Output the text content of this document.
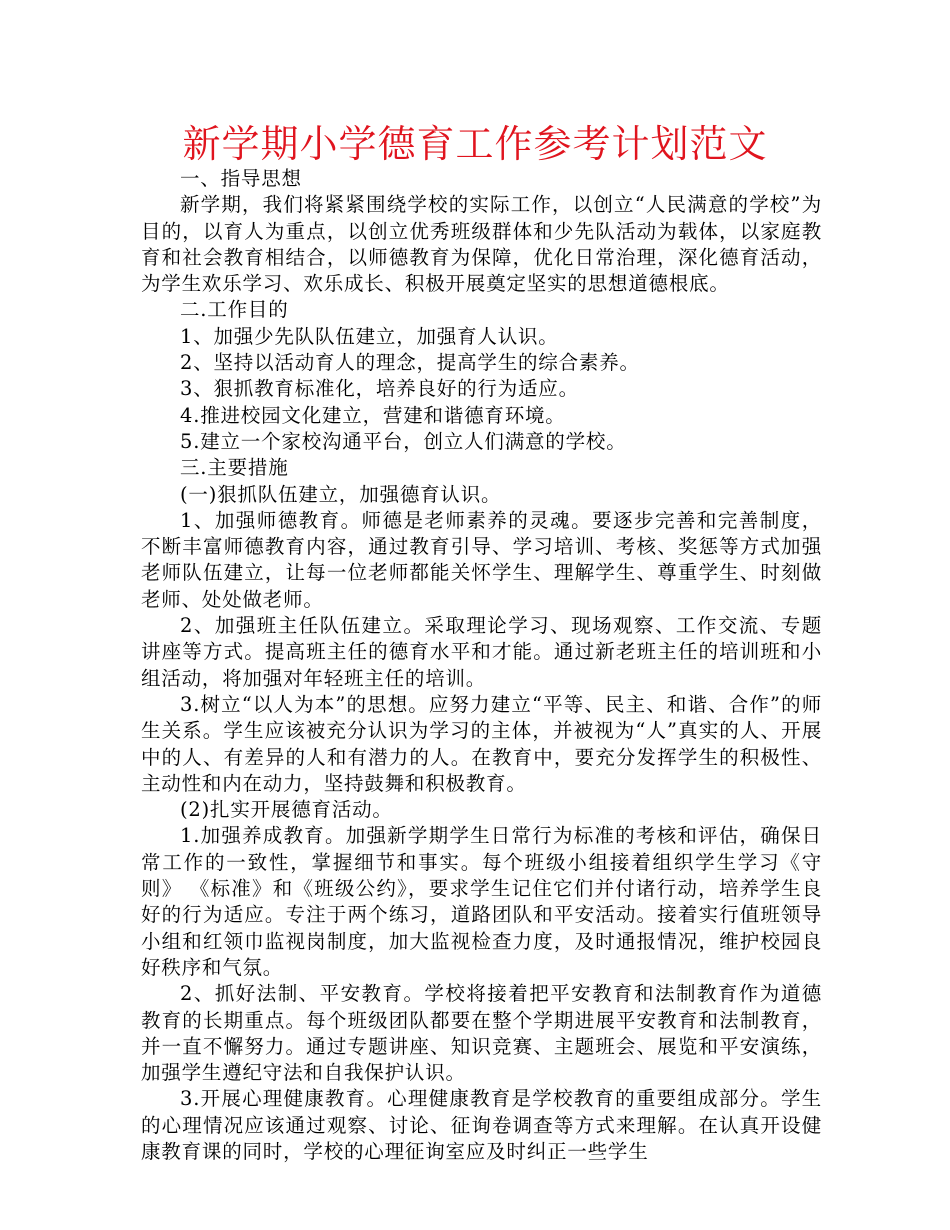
新学期小学德育工作参考计划范文

一、指导思想

新学期，我们将紧紧围绕学校的实际工作，以创立“人民满意的学校”为目的，以育人为重点，以创立优秀班级群体和少先队活动为载体，以家庭教育和社会教育相结合，以师德教育为保障，优化日常治理，深化德育活动，为学生欢乐学习、欢乐成长、积极开展奠定坚实的思想道德根底。

二.工作目的

1、加强少先队队伍建立，加强育人认识。

2、坚持以活动育人的理念，提高学生的综合素养。

3、狠抓教育标准化，培养良好的行为适应。

4.推进校园文化建立，营建和谐德育环境。

5.建立一个家校沟通平台，创立人们满意的学校。

三.主要措施

(一)狠抓队伍建立，加强德育认识。

1、加强师德教育。师德是老师素养的灵魂。要逐步完善和完善制度，不断丰富师德教育内容，通过教育引导、学习培训、考核、奖惩等方式加强老师队伍建立，让每一位老师都能关怀学生、理解学生、尊重学生、时刻做老师、处处做老师。

2、加强班主任队伍建立。采取理论学习、现场观察、工作交流、专题讲座等方式。提高班主任的德育水平和才能。通过新老班主任的培训班和小组活动，将加强对年轻班主任的培训。

3.树立“以人为本”的思想。应努力建立“平等、民主、和谐、合作”的师生关系。学生应该被充分认识为学习的主体，并被视为“人”真实的人、开展中的人、有差异的人和有潜力的人。在教育中，要充分发挥学生的积极性、主动性和内在动力，坚持鼓舞和积极教育。

(2)扎实开展德育活动。

1.加强养成教育。加强新学期学生日常行为标准的考核和评估，确保日常工作的一致性，掌握细节和事实。每个班级小组接着组织学生学习《守则》 《标准》和《班级公约》，要求学生记住它们并付诸行动，培养学生良好的行为适应。专注于两个练习，道路团队和平安活动。接着实行值班领导小组和红领巾监视岗制度，加大监视检查力度，及时通报情况，维护校园良好秩序和气氛。

2、抓好法制、平安教育。学校将接着把平安教育和法制教育作为道德教育的长期重点。每个班级团队都要在整个学期进展平安教育和法制教育，并一直不懈努力。通过专题讲座、知识竞赛、主题班会、展览和平安演练，加强学生遵纪守法和自我保护认识。

3.开展心理健康教育。心理健康教育是学校教育的重要组成部分。学生的心理情况应该通过观察、讨论、征询卷调查等方式来理解。在认真开设健康教育课的同时，学校的心理征询室应及时纠正一些学生
